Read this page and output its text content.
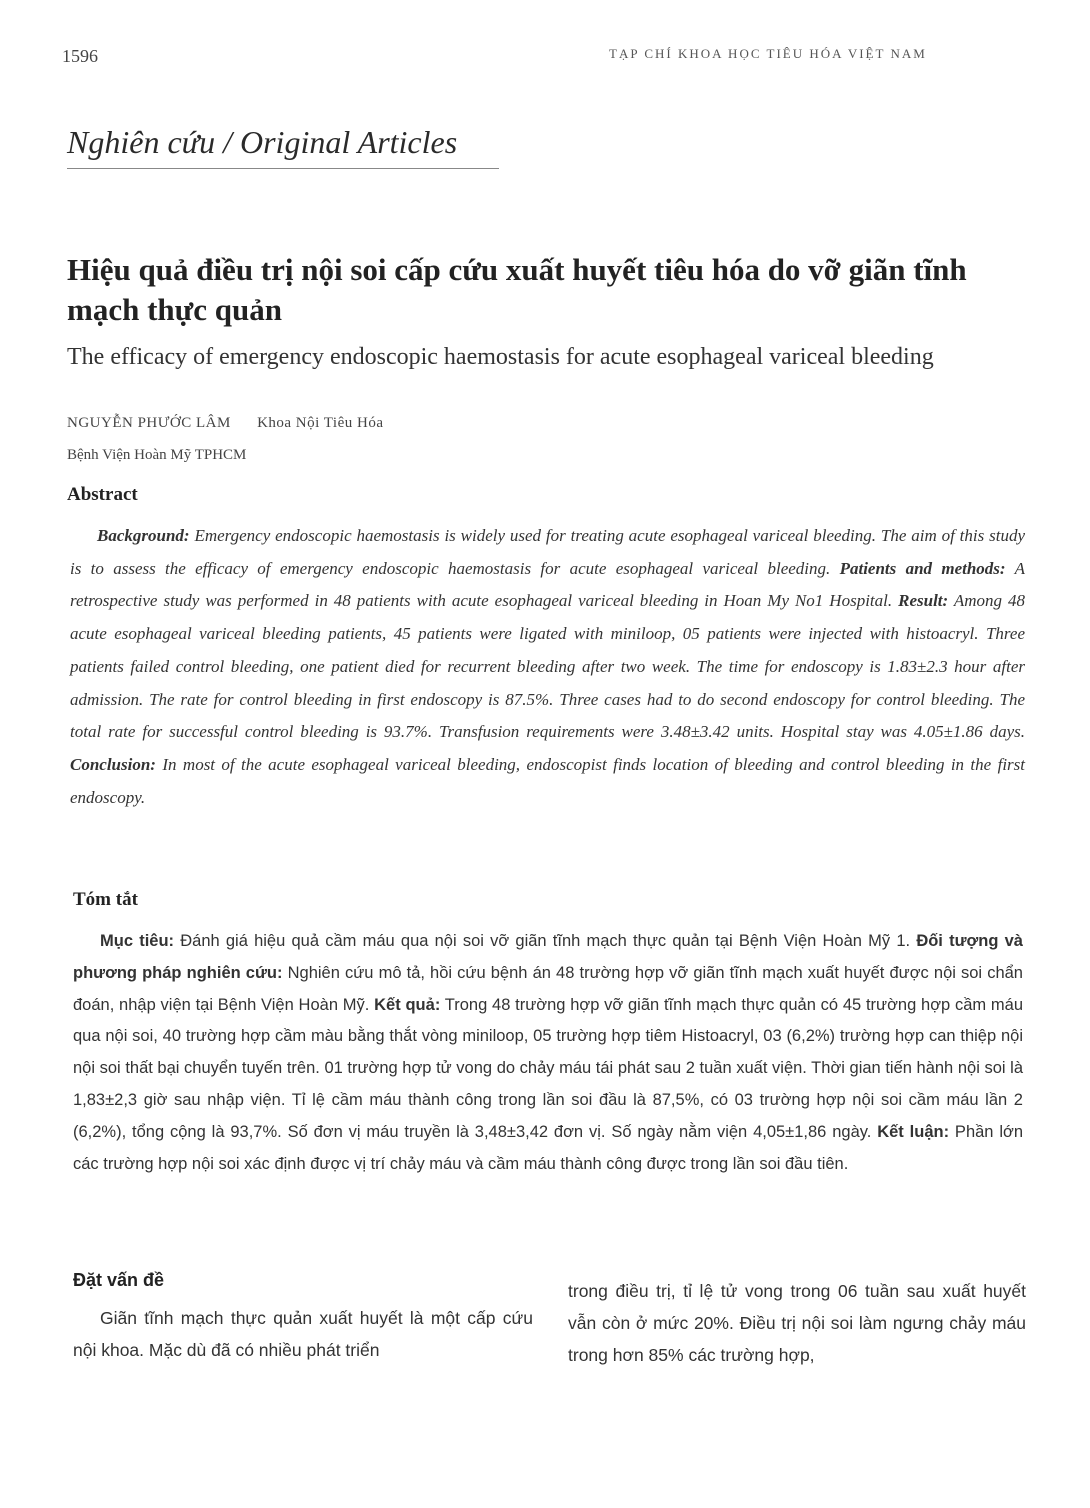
1596	TẠP CHÍ KHOA HỌC TIÊU HÓA VIỆT NAM
Nghiên cứu / Original Articles
Hiệu quả điều trị nội soi cấp cứu xuất huyết tiêu hóa do vỡ giãn tĩnh mạch thực quản
The efficacy of emergency endoscopic haemostasis for acute esophageal variceal bleeding
NGUYỄN PHƯỚC LÂM Khoa Nội Tiêu Hóa
Bệnh Viện Hoàn Mỹ TPHCM
Abstract
Background: Emergency endoscopic haemostasis is widely used for treating acute esophageal variceal bleeding. The aim of this study is to assess the efficacy of emergency endoscopic haemostasis for acute esophageal variceal bleeding. Patients and methods: A retrospective study was performed in 48 patients with acute esophageal variceal bleeding in Hoan My No1 Hospital. Result: Among 48 acute esophageal variceal bleeding patients, 45 patients were ligated with miniloop, 05 patients were injected with histoacryl. Three patients failed control bleeding, one patient died for recurrent bleeding after two week. The time for endoscopy is 1.83±2.3 hour after admission. The rate for control bleeding in first endoscopy is 87.5%. Three cases had to do second endoscopy for control bleeding. The total rate for successful control bleeding is 93.7%. Transfusion requirements were 3.48±3.42 units. Hospital stay was 4.05±1.86 days. Conclusion: In most of the acute esophageal variceal bleeding, endoscopist finds location of bleeding and control bleeding in the first endoscopy.
Tóm tắt
Mục tiêu: Đánh giá hiệu quả cầm máu qua nội soi vỡ giãn tĩnh mạch thực quản tại Bệnh Viện Hoàn Mỹ 1. Đối tượng và phương pháp nghiên cứu: Nghiên cứu mô tả, hồi cứu bệnh án 48 trường hợp vỡ giãn tĩnh mạch xuất huyết được nội soi chẩn đoán, nhập viện tại Bệnh Viện Hoàn Mỹ. Kết quả: Trong 48 trường hợp vỡ giãn tĩnh mạch thực quản có 45 trường hợp cầm máu qua nội soi, 40 trường hợp cầm màu bằng thắt vòng miniloop, 05 trường hợp tiêm Histoacryl, 03 (6,2%) trường hợp can thiệp nội nội soi thất bại chuyển tuyến trên. 01 trường hợp tử vong do chảy máu tái phát sau 2 tuần xuất viện. Thời gian tiến hành nội soi là 1,83±2,3 giờ sau nhập viện. Tỉ lệ cầm máu thành công trong lần soi đầu là 87,5%, có 03 trường hợp nội soi cầm máu lần 2 (6,2%), tổng cộng là 93,7%. Số đơn vị máu truyền là 3,48±3,42 đơn vị. Số ngày nằm viện 4,05±1,86 ngày. Kết luận: Phần lớn các trường hợp nội soi xác định được vị trí chảy máu và cầm máu thành công được trong lần soi đầu tiên.
Đặt vấn đề

Giãn tĩnh mạch thực quản xuất huyết là một cấp cứu nội khoa. Mặc dù đã có nhiều phát triển

trong điều trị, tỉ lệ tử vong trong 06 tuần sau xuất huyết vẫn còn ở mức 20%. Điều trị nội soi làm ngưng chảy máu trong hơn 85% các trường hợp,
